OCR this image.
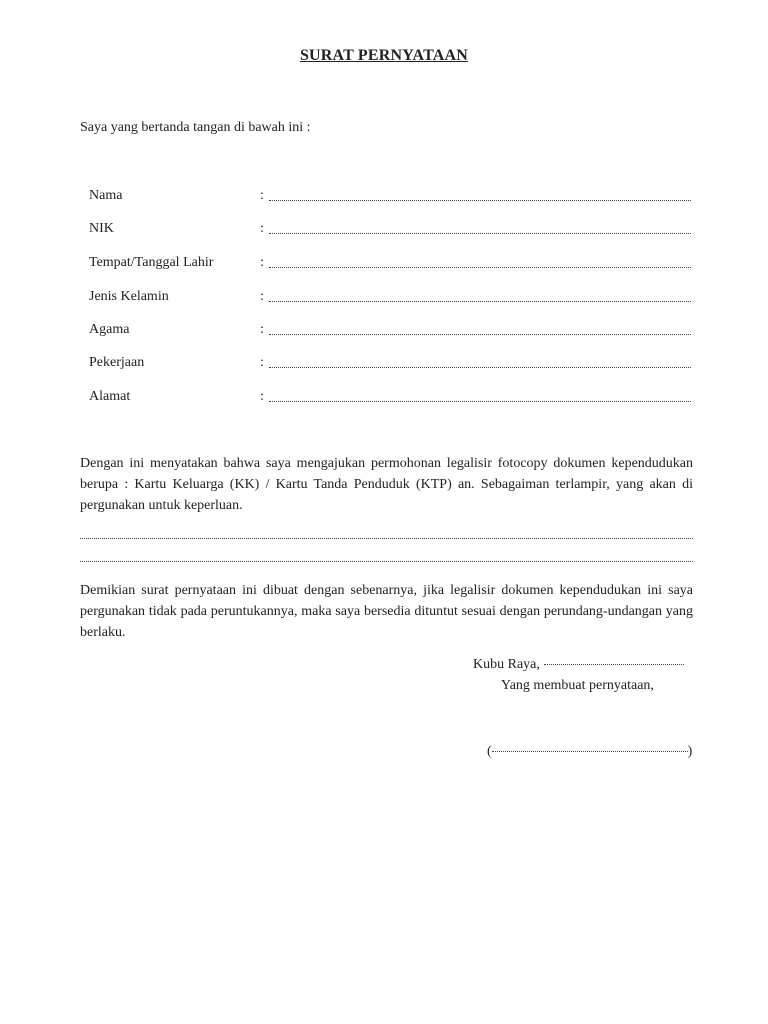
SURAT PERNYATAAN
Saya yang bertanda tangan di bawah ini :
Nama	:
NIK	:
Tempat/Tanggal Lahir	:
Jenis Kelamin	:
Agama	:
Pekerjaan	:
Alamat	:
Dengan ini menyatakan bahwa saya mengajukan permohonan legalisir fotocopy dokumen kependudukan berupa : Kartu Keluarga (KK) / Kartu Tanda Penduduk (KTP) an. Sebagaiman terlampir, yang akan di pergunakan untuk keperluan.
Demikian surat pernyataan ini dibuat dengan sebenarnya, jika legalisir dokumen kependudukan ini saya pergunakan tidak pada peruntukannya, maka saya bersedia dituntut sesuai dengan perundang-undangan yang berlaku.
Kubu Raya,
Yang membuat pernyataan,
(	)
